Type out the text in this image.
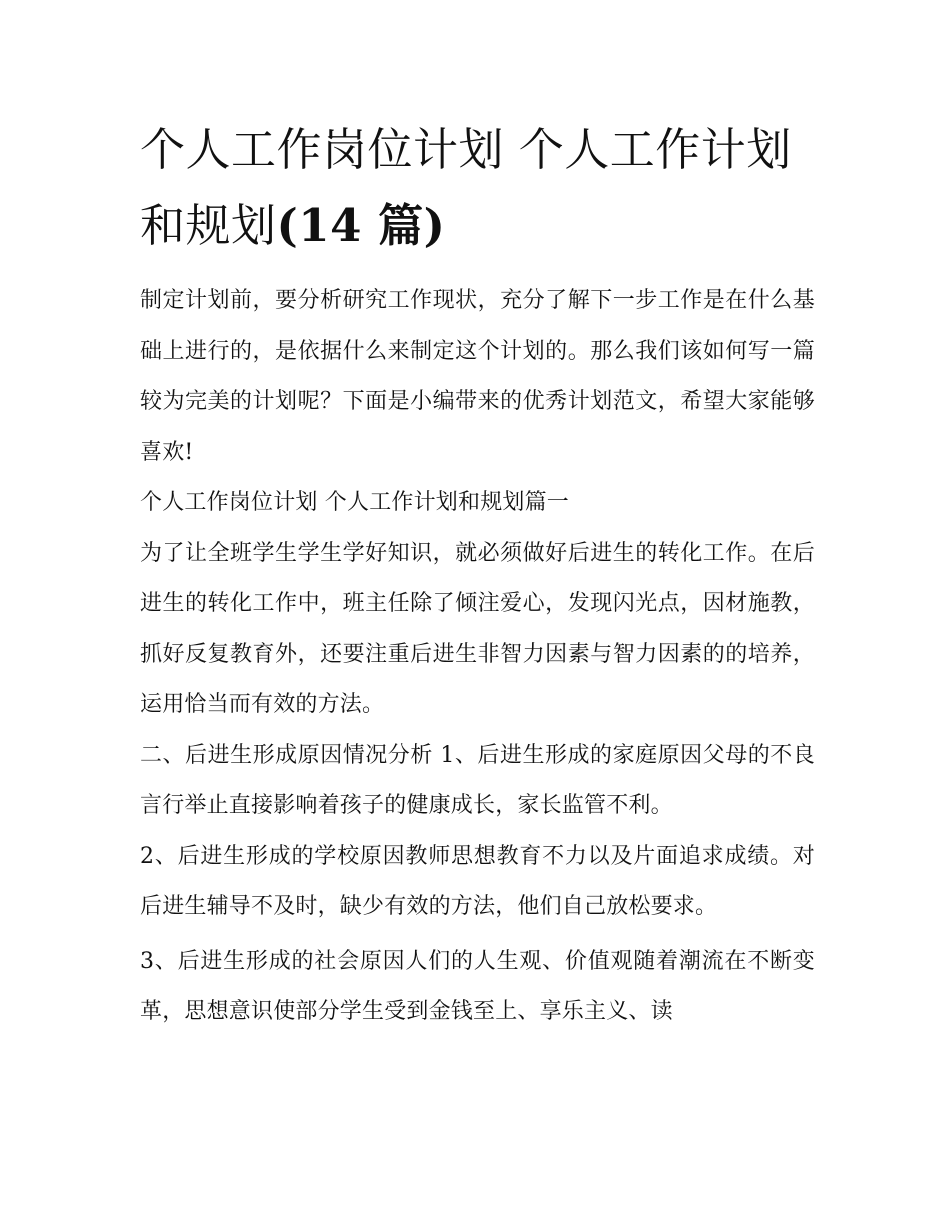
个人工作岗位计划 个人工作计划和规划(14 篇)

制定计划前，要分析研究工作现状，充分了解下一步工作是在什么基础上进行的，是依据什么来制定这个计划的。那么我们该如何写一篇较为完美的计划呢？下面是小编带来的优秀计划范文，希望大家能够喜欢!

个人工作岗位计划 个人工作计划和规划篇一

为了让全班学生学生学好知识，就必须做好后进生的转化工作。在后进生的转化工作中，班主任除了倾注爱心，发现闪光点，因材施教，抓好反复教育外，还要注重后进生非智力因素与智力因素的的培养，运用恰当而有效的方法。

二、后进生形成原因情况分析 1、后进生形成的家庭原因父母的不良言行举止直接影响着孩子的健康成长，家长监管不利。

2、后进生形成的学校原因教师思想教育不力以及片面追求成绩。对后进生辅导不及时，缺少有效的方法，他们自己放松要求。

3、后进生形成的社会原因人们的人生观、价值观随着潮流在不断变革，思想意识使部分学生受到金钱至上、享乐主义、读
